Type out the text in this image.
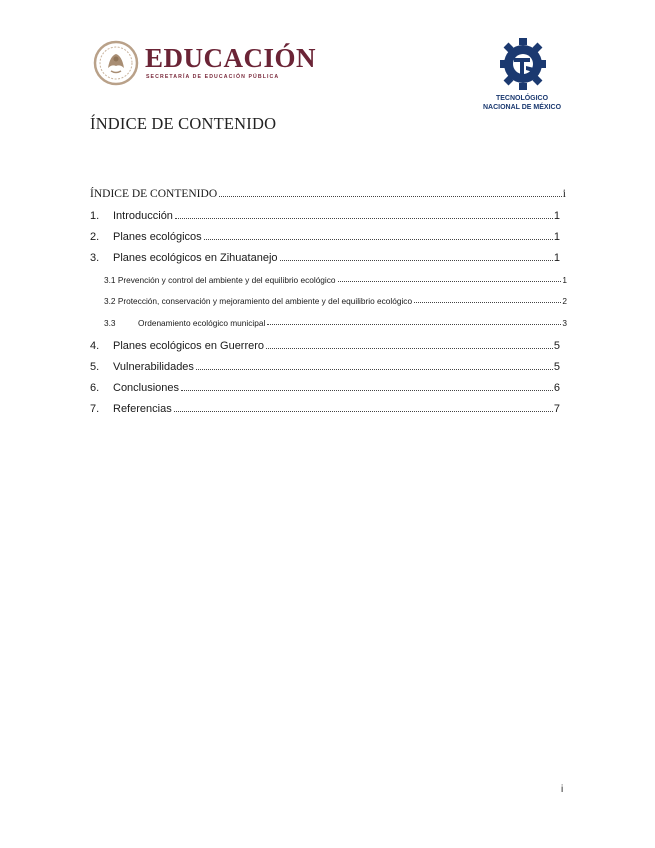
EDUCACIÓN
SECRETARÍA DE EDUCACIÓN PÚBLICA
TECNOLÓGICO
NACIONAL DE MÉXICO
ÍNDICE DE CONTENIDO
ÍNDICE DE CONTENIDO	i
1. Introducción	1
2. Planes ecológicos	1
3. Planes ecológicos en Zihuatanejo	1
3.1 Prevención y control del ambiente y del equilibrio ecológico	1
3.2 Protección, conservación y mejoramiento del ambiente y del equilibrio ecológico	2
3.3	Ordenamiento ecológico municipal	3
4. Planes ecológicos en Guerrero	5
5. Vulnerabilidades	5
6. Conclusiones	6
7. Referencias	7
i
